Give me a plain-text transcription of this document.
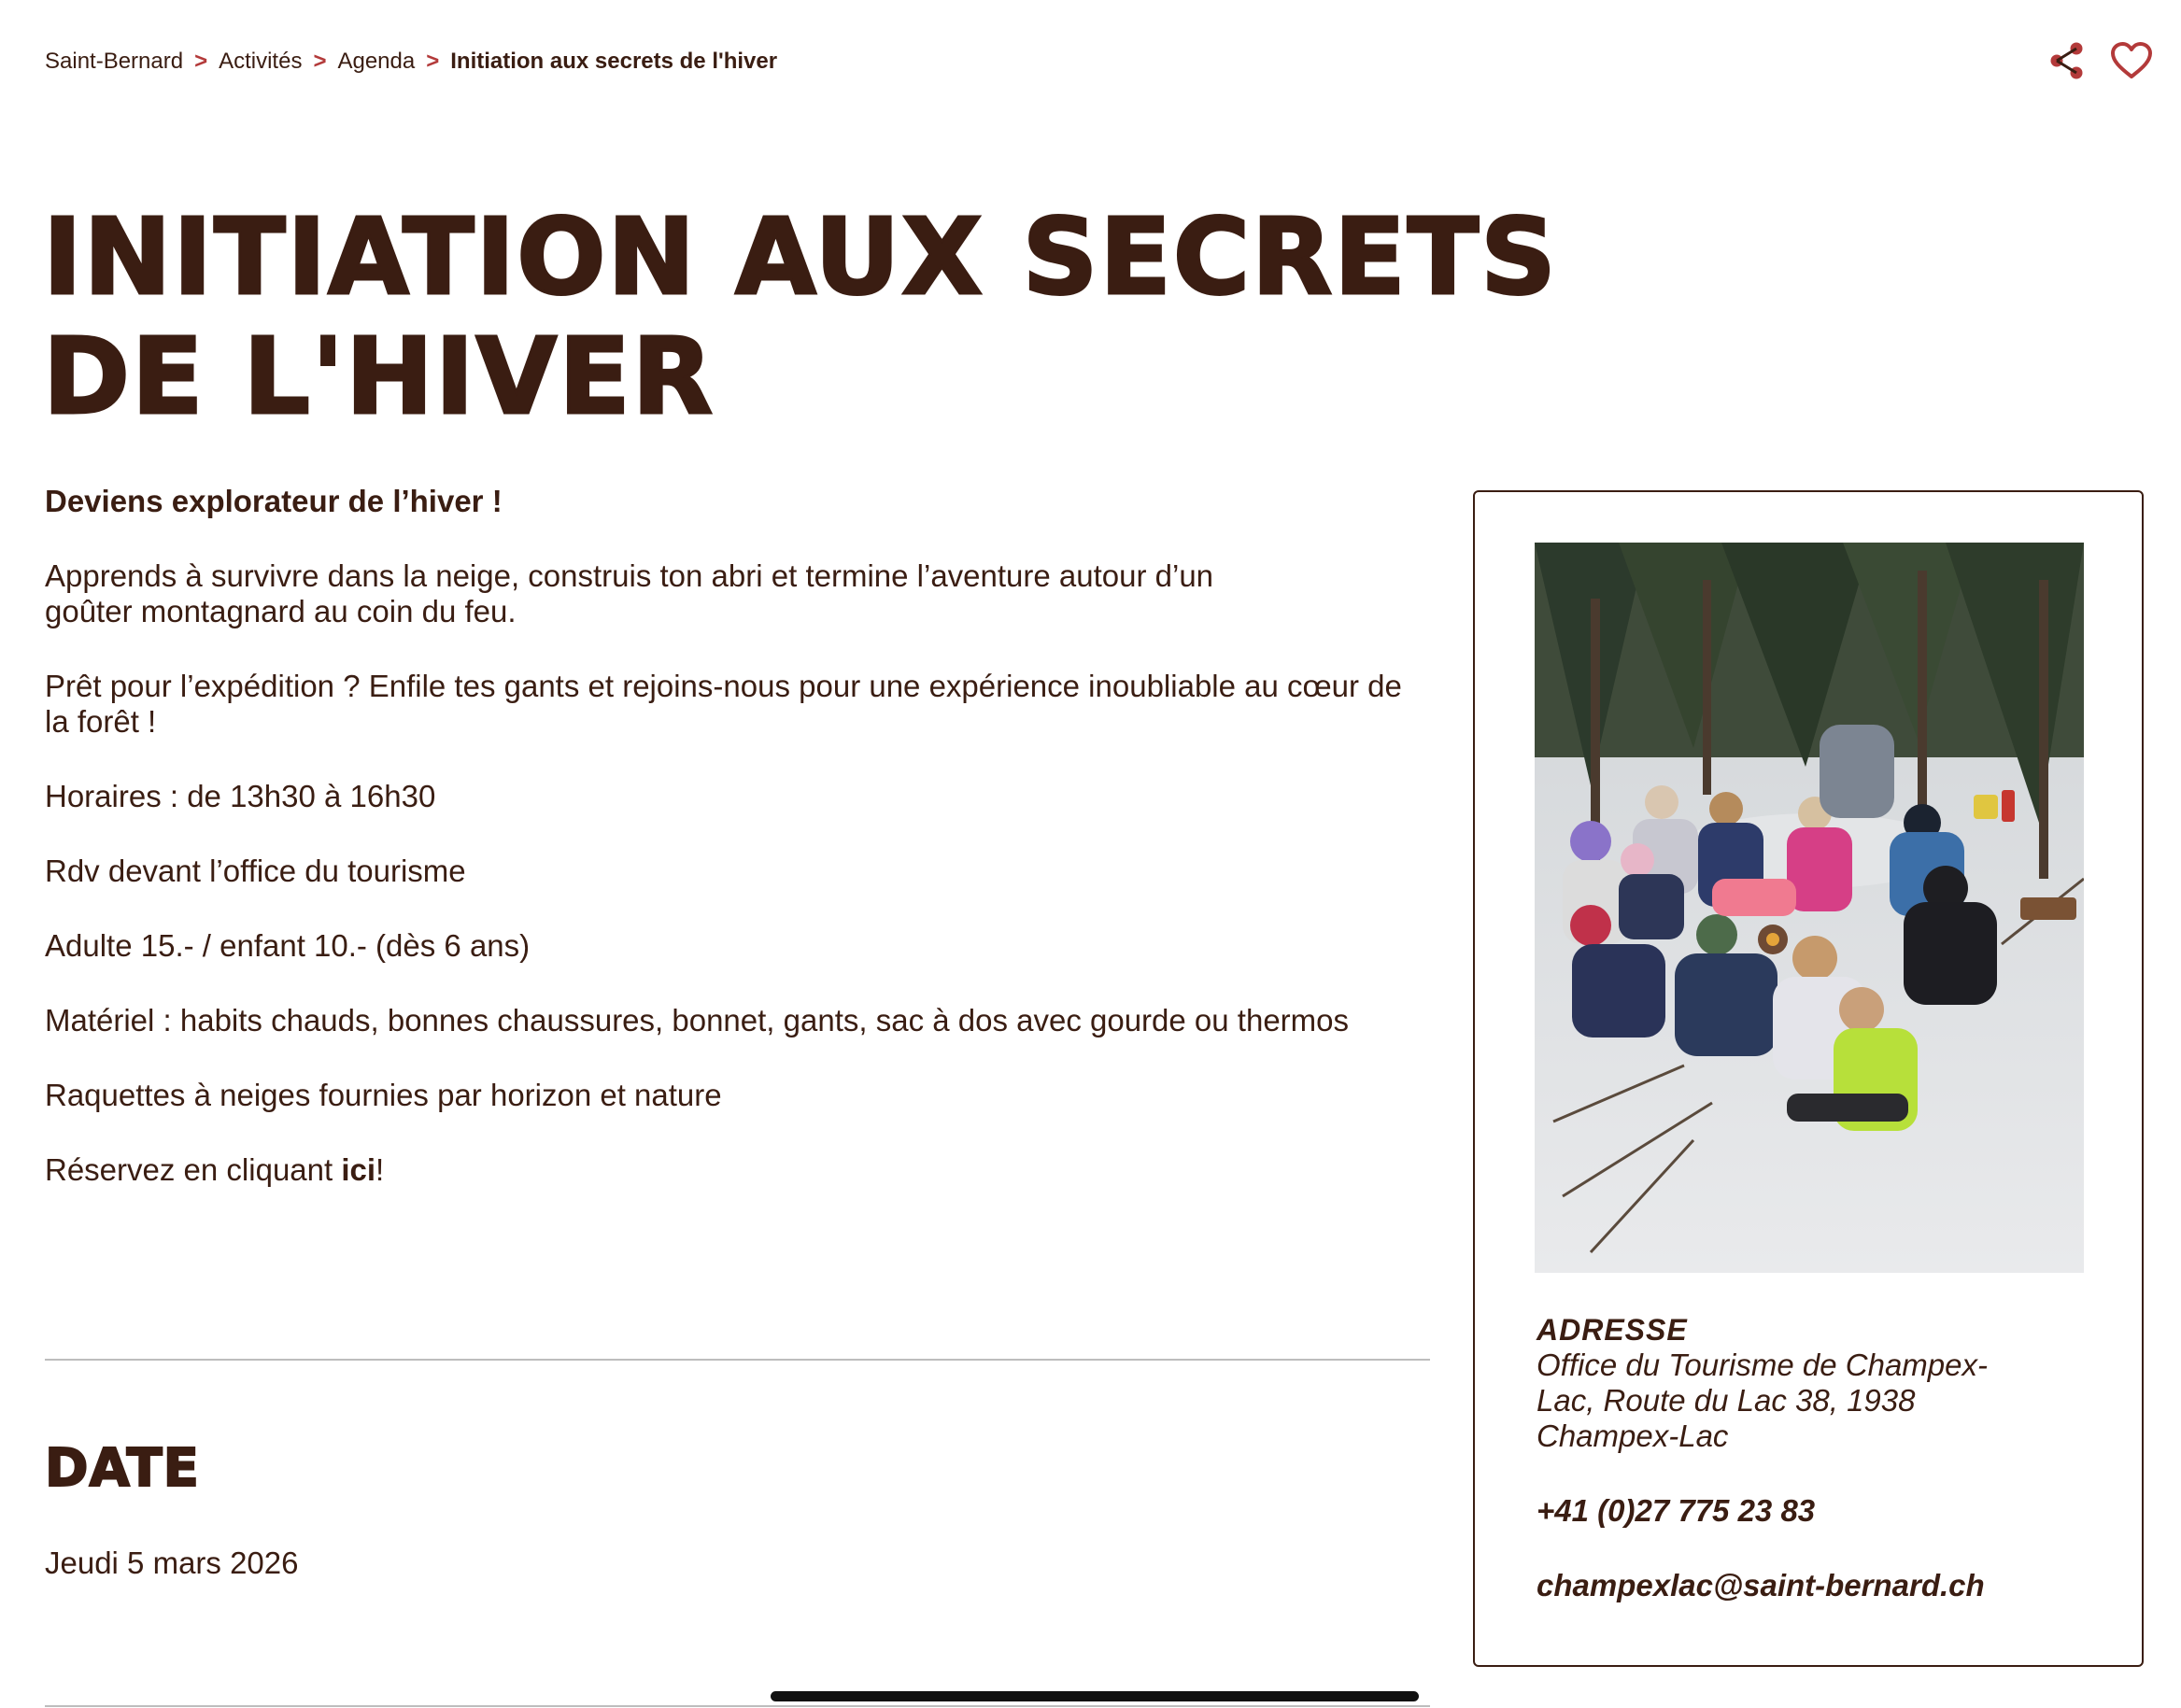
Saint-Bernard > Activités > Agenda > Initiation aux secrets de l'hiver
INITIATION AUX SECRETS DE L'HIVER

Deviens explorateur de l’hiver !

Apprends à survivre dans la neige, construis ton abri et termine l’aventure autour d’un goûter montagnard au coin du feu.

Prêt pour l’expédition ? Enfile tes gants et rejoins-nous pour une expérience inoubliable au cœur de la forêt !

Horaires : de 13h30 à 16h30

Rdv devant l’office du tourisme

Adulte 15.- / enfant 10.- (dès 6 ans)

Matériel : habits chauds, bonnes chaussures, bonnet, gants, sac à dos avec gourde ou thermos

Raquettes à neiges fournies par horizon et nature

Réservez en cliquant ici!

DATE
Jeudi 5 mars 2026
ADRESSE

Office du Tourisme de Champex-Lac, Route du Lac 38, 1938 Champex-Lac

+41 (0)27 775 23 83

champexlac@saint-bernard.ch
